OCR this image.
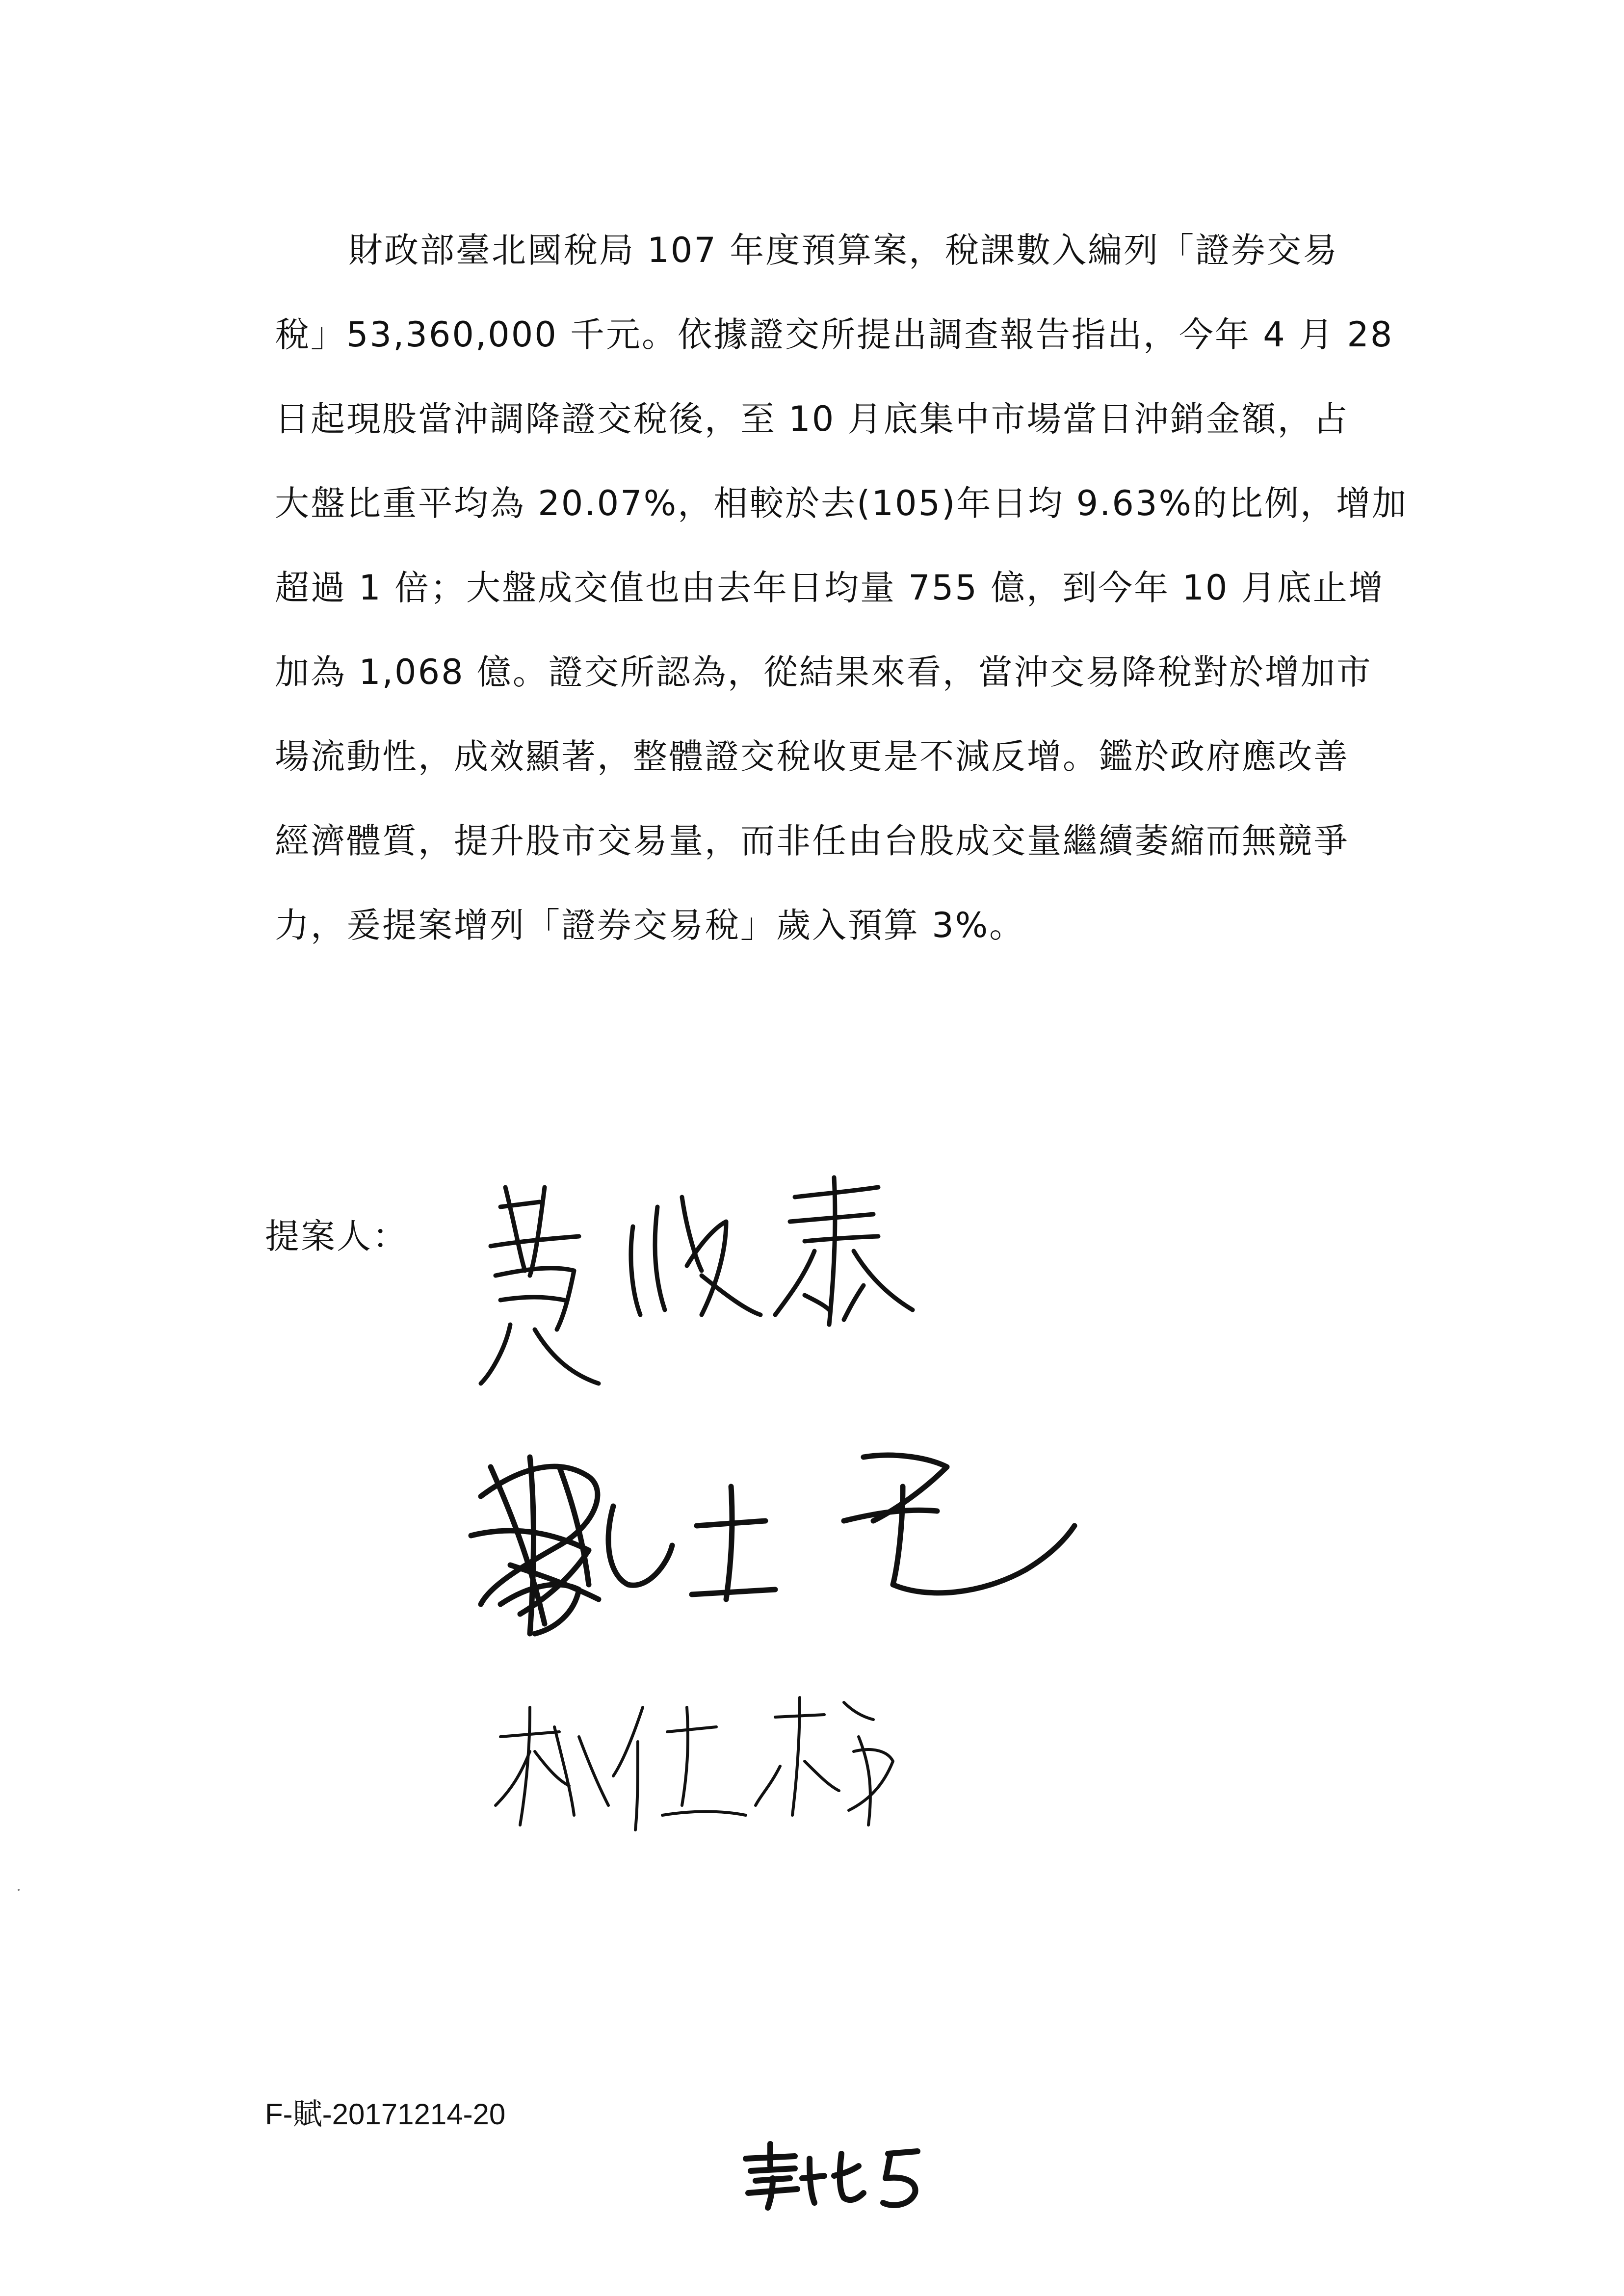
財政部臺北國稅局 107 年度預算案，稅課數入編列「證券交易
稅」53,360,000 千元。依據證交所提出調查報告指出，今年 4 月 28
日起現股當沖調降證交稅後，至 10 月底集中市場當日沖銷金額，占
大盤比重平均為 20.07%，相較於去(105)年日均 9.63%的比例，增加
超過 1 倍；大盤成交值也由去年日均量 755 億，到今年 10 月底止增
加為 1,068 億。證交所認為，從結果來看，當沖交易降稅對於增加市
場流動性，成效顯著，整體證交稅收更是不減反增。鑑於政府應改善
經濟體質，提升股市交易量，而非任由台股成交量繼續萎縮而無競爭
力，爰提案增列「證券交易稅」歲入預算 3%。
提案人：
F-賦-20171214-20
